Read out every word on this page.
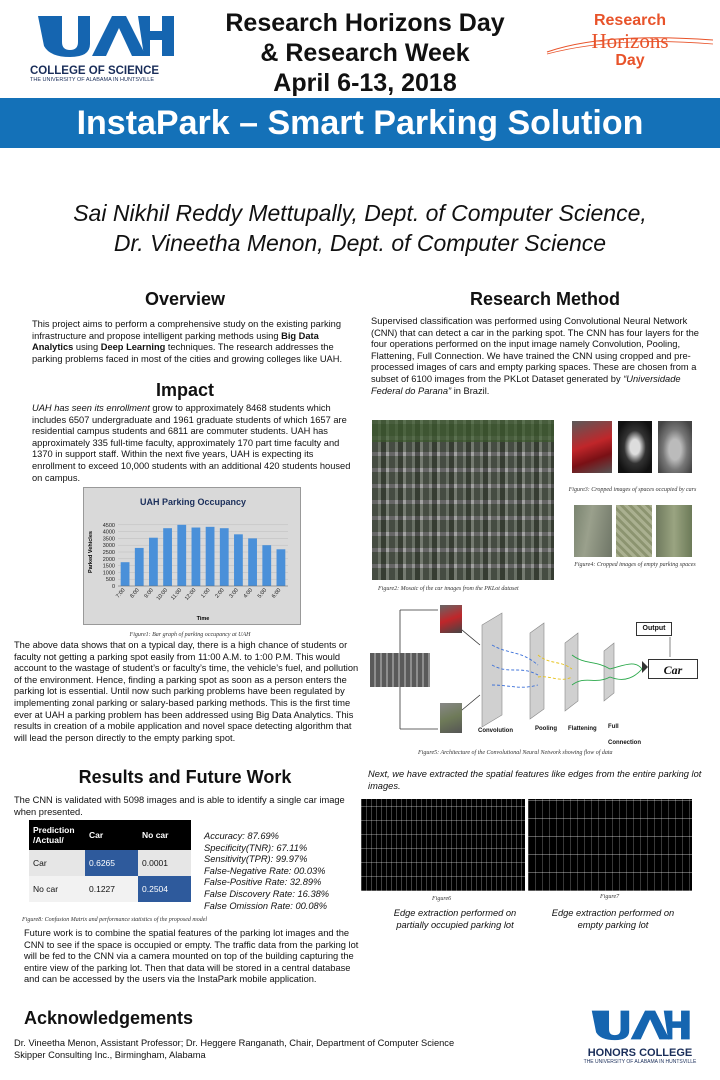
COLLEGE OF SCIENCE
THE UNIVERSITY OF ALABAMA IN HUNTSVILLE
Research Horizons Day
& Research Week
April 6-13, 2018
Research
Horizons
Day
InstaPark – Smart Parking Solution
Sai Nikhil Reddy Mettupally, Dept. of Computer Science,
Dr. Vineetha Menon, Dept. of Computer Science
Overview
This project aims to perform a comprehensive study on the existing parking infrastructure and propose intelligent parking methods using Big Data Analytics using Deep Learning techniques. The research addresses the parking problems faced in most of the cities and growing colleges like UAH.
Impact
UAH has seen its enrollment grow to approximately 8468 students which includes 6507 undergraduate and 1961 graduate students of which 1657 are residential campus students and 6811 are commuter students. UAH has approximately 335 full-time faculty, approximately 170 part time faculty and 1370 in support staff. Within the next five years, UAH is expecting its enrollment to exceed 10,000 students with an additional 420 students housed on campus.
UAH Parking Occupancy
0
500
1000
1500
2000
2500
3000
3500
4000
4500
7:00 8:00 9:00 10:00 11:00 12:00 1:00 2:00 3:00 4:00 5:00 6:00
Parked Vehicles
Time
Figure1: Bar graph of parking occupancy at UAH
The above data shows that on a typical day, there is a high chance of students or faculty not getting a parking spot easily from 11:00 A.M. to 1:00 P.M. This would account to the wastage of student’s or faculty’s time, the vehicle’s fuel, and pollution of the environment. Hence, finding a parking spot as soon as a person enters the parking lot is essential. Until now such parking problems have been regulated by implementing zonal parking or salary-based parking methods. This is the first time ever at UAH a parking problem has been addressed using Big Data Analytics. This results in creation of a mobile application and novel space detecting algorithm that will lead the person directly to the empty parking spot.
Results and Future Work
The CNN is validated with 5098 images and is able to identify a single car image when presented.
Prediction /Actual/	Car	No car
Car	0.6265	0.0001
No car	0.1227	0.2504
Accuracy: 87.69%
Specificity(TNR): 67.11%
Sensitivity(TPR): 99.97%
False-Negative Rate: 00.03%
False-Positive Rate: 32.89%
False Discovery Rate: 16.38%
False Omission Rate: 00.08%
Figure8: Confusion Matrix and performance statistics of the proposed model
Future work is to combine the spatial features of the parking lot images and the CNN to see if the space is occupied or empty. The traffic data from the parking lot will be fed to the CNN via a camera mounted on top of the building capturing the entire view of the parking lot. Then that data will be stored in a central database and can be accessed by the users via the InstaPark mobile application.
Acknowledgements
Dr. Vineetha Menon, Assistant Professor; Dr. Heggere Ranganath, Chair, Department of Computer Science
Skipper Consulting Inc., Birmingham, Alabama
Research Method
Supervised classification was performed using Convolutional Neural Network (CNN) that can detect a car in the parking spot. The CNN has four layers for the four operations performed on the input image namely Convolution, Pooling, Flattening, Full Connection. We have trained the CNN using cropped and pre-processed images of cars and empty parking spaces. These are chosen from a subset of 6100 images from the PKLot Dataset generated by “Universidade Federal do Parana” in Brazil.
Figure2: Mosaic of the car images from the PKLot dataset
Figure3: Cropped images of spaces occupied by cars
Figure4: Cropped images of empty parking spaces
Output
Car
Convolution	Pooling Flattening Full
Connection
Figure5: Architecture of the Convolutional Neural Network showing flow of data
Next, we have extracted the spatial features like edges from the entire parking lot images.
Figure6	Figure7
Edge extraction performed on partially occupied parking lot
Edge extraction performed on empty parking lot
HONORS COLLEGE
THE UNIVERSITY OF ALABAMA IN HUNTSVILLE
